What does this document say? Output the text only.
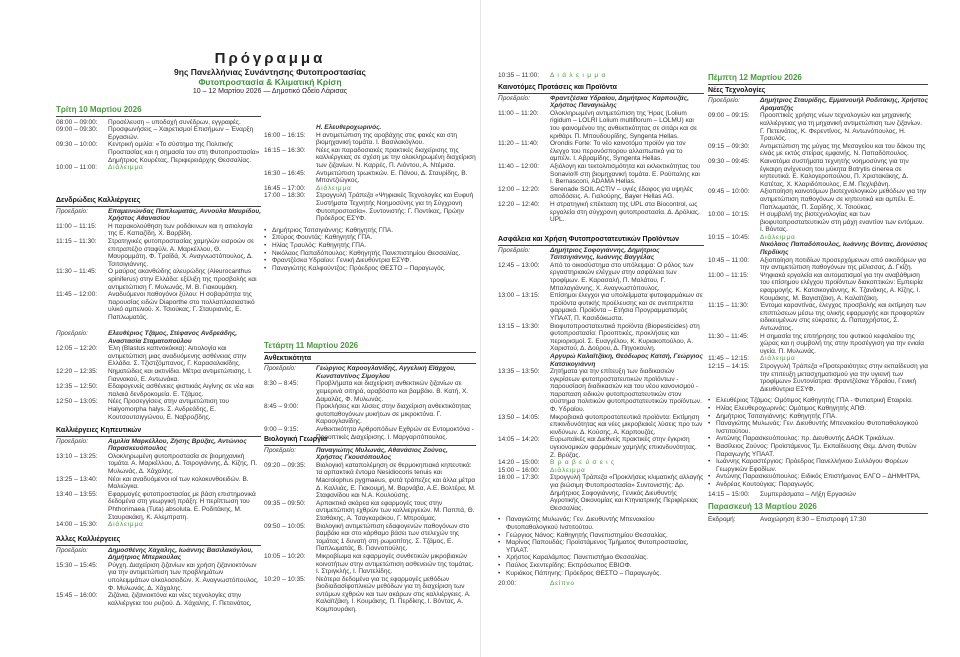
Πρόγραμμα
9ης Πανελλήνιας Συνάντησης Φυτοπροστασίας
Φυτοπροστασία & Κλιματική Κρίση
10 – 12 Μαρτίου 2026 — Δημοτικό Ωδείο Λάρισας
Τρίτη 10 Μαρτίου 2026
08:00 – 09:00:	Προσέλευση – υποδοχή συνέδρων, εγγραφές.
09:00 – 09:30:	Προσφωνήσεις – Χαιρετισμοί Επισήμων – Έναρξη Εργασιών.
09:30 – 10:00:	Κεντρική ομιλία: «Το σύστημα της Πολιτικής Προστασίας και η σημασία του στη Φυτοπροστασία» Δημήτριος Κουρέτας, Περιφερειάρχης Θεσσαλίας.
10:00 – 11:00:	Διάλειμμα
Δενδρώδεις Καλλιέργειες
Προεδρείο:	Επαμεινώνδας Παπλωματάς, Αννούλα Μαυρίδου, Χρήστος Αθανασίου
11:00 – 11:15:	Η παρακολούθηση των ροδάκινων και η αιτιολογία της Ε. Καπαζίδη, Χ. Βαρβίδη.
11:15 – 11:30:	Στρατηγικές φυτοπροστασίας χαμηλών εισροών σε επιτραπέζιο σταφύλι. Α. Μαρκέλλου, Θ. Μαυρομμάτη, Φ. Τραϊδά, Χ. Αναγνωστόπουλος, Δ. Τσιτσιγιάννης.
11:30 – 11:45:	Ο μαύρος ακανθώδης αλευρώδης (Aleurocanthus spiniferus) στην Ελλάδα: εξέλιξη της προσβολής και αντιμετώπιση Γ. Μυλωνάς, Μ. Β. Γιακουμάκη.
11:45 – 12:00:	Αναδυόμενοι παθογόνοι ξύλου: Η σοβαρότητα της παρουσίας ειδών Diaporthe στο πολλαπλασιαστικό υλικό αμπελιού. Χ. Τσιούκας, Γ. Σταυριανός, Ε. Παπλωματάς.
Προεδρείο:	Ελευθέριος Τζάμος, Στέφανος Ανδρεάδης, Αναστασία Σταματοπούλου
12:05 – 12:20:	Έλη (Blastus καπνοκόκκα): Αιτιολογία και αντιμετώπιση μιας αναδυόμενης ασθένειας στην Ελλάδα. Σ. Τζιστζόμπανος, Γ. Καρασαλακίδης.
12:20 – 12:35:	Νηματώδεις και ακτινίδια. Μέτρα αντιμετώπισης. Ι. Γιαννακού, Ε. Αντωνάκα.
12:35 – 12:50:	Εδαφογενείς ασθένειες φιστικιάς Αιγίνης σε νέα και παλαιά δενδροκομεία. Ε. Τζάμος.
12:50 – 13:05:	Νέες Προσεγγίσεις στην αντιμετώπιση του Halyomorpha halys. Σ. Ανδρεάδης, Ε. Κουτσουτσιγγώνου, Ε. Ναβροζίδης.
Καλλιέργειες Κηπευτικών
Προεδρείο:	Αιμιλία Μαρκέλλου, Ζήσης Βρύζας, Αντώνιος Παρασκευόπουλος
13:10 – 13:25:	Ολοκληρωμένη φυτοπροστασία σε βιομηχανική τομάτα. Α. Μαρκέλλου, Δ. Τσιρογιάννης, Δ. Κίζης, Π. Μυλωνάς, Δ. Χάχαλης.
13:25 – 13:40:	Νέοι και αναδυόμενοι ιοί των κολοκυνθοειδών. Β. Μαλιώγκα.
13:40 – 13:55:	Εφαρμογές φυτοπροστασίας με βάση επιστημονικά δεδομένα στη γεωργική πράξη: Η περίπτωση του Phthorimaea (Tuta) absoluta. Ε. Ροδιτάκης, Μ. Σταυρακάκη, Κ. Αλεμπρατη.
14:00 – 15:30:	Διάλειμμα
Άλλες Καλλιέργειες
Προεδρείο:	Δημοσθένης Χάχαλης, Ιωάννης Βασιλακόγλου, Δημήτριος Μπερκούλας
15:30 – 15:45:	Ρύγχη. Διαχείριση ζιζανίων και χρήση ζιζανιοκτόνων για την αντιμετώπιση των προβλημάτων υπολειμμάτων ολκολοσειδών. Χ. Αναγνωστόπουλος, Φ. Μυλωνάς, Δ. Χάχαλης.
15:45 – 16:00:	Ζιζάνια, ζιζανιοκτόνα και νέες τεχνολογίες στην καλλιέργεια του ρυζιού. Δ. Χάχαλης, Γ. Πετεινάτος,
Η. Ελευθεροχωρινός.
16:00 – 16:15:	Η αντιμετώπιση της αροβάχης στις φακές και στη βιομηχανική τομάτα. Ι. Βασιλακόγλου.
16:15 – 16:30:	Νέες και παραδοσιακές πρακτικές διαχείρισης της καλλιέργειας σε σχέση με την ολοκληρωμένη διαχείριση των ζιζανίων. Ν. Καρρές, Π. Λιόντου, Α. Ντέμισα.
16:30 – 16:45:	Αντιμετώπιση τρωκτικών. Ε. Πάνου, Δ. Σταυρίδης, Β. Μποντζιώγκος.
16:45 – 17:00:	Διάλειμμα
17:00 – 18:30:	Στρογγυλή Τράπεζα «Ψηφιακές Τεχνολογίες και Ευφυή Συστήματα Τεχνητής Νοημοσύνης για τη Σύγχρονη Φυτοπροστασία». Συντονιστής: Γ. Ποντίκας, Πρώην Πρόεδρος ΕΣΥΦ.
• Δημήτριος Τσιτσιγιάννης: Καθηγητής ΓΠΑ.
• Σπύρος Φουντάς: Καθηγητής ΓΠΑ.
• Ηλίας Τραυλός: Καθηγητής ΓΠΑ.
• Νικόλαος Παπαδόπουλος: Καθηγητής Πανεπιστημίου Θεσσαλίας.
• Φραντζέσκα Υδραίου: Γενική Διευθύντρια ΕΣΥΦ.
• Παναγιώτης Καλφούντζος: Πρόεδρος ΘΕΣΤΟ – Παραγωγός.
Τετάρτη 11 Μαρτίου 2026
Ανθεκτικότητα
Προεδρείο:	Γεώργιος Καροογλανίδης, Αγγελική Εϊάρχου, Κωνσταντίνος Σίμογλου
8:30 – 8:45:	Προβλήματα και διαχείριση ανθεκτικών ζιζανίων σε χειμερινά σιτηρά, αραβόσιτο και βαμβάκι. Β. Κατή, Χ. Δαμαλάς, Φ. Μυλωνάς.
8:45 – 9:00:	Προκλήσεις και λύσεις στην διαχείριση ανθεκτικότητας φυτοπαθογόνων μυκήτων σε μικροκτόνα. Γ. Καροογλανίδης.
9:00 – 9:15:	Ανθεκτικότητα Αρθροπόδων Εχθρών σε Εντομοκτόνα - Προοπτικές Διαχείρισης. Ι. Μαργαριτόπουλος.
Βιολογική Γεωργία
Προεδρείο:	Παναγιώτης Μυλωνάς, Αθανάσιος Ζούνος, Χρήστος Γκουσόπουλος
09:20 – 09:35:	Βιολογική καταπολέμηση σε θερμοκηπιακά κηπευτικά: τα αρπακτικά έντομα Nesidiocoris tenuis και Macrolophus pygmaeus, φυτά τράπεζες και άλλα μέτρα Δ. Καλλιάς, Ε. Γιακουμή, Μ. Βαρνάβα, Α.Ε. Βολτέρα, Μ. Σταφανίδου και Ν.Α. Κουλούσης.
09:35 – 09:50:	Αρπακτικά ακάρεα και εφαρμογές τους στην αντιμετώπιση εχθρών των καλλιεργειών. Μ. Παππά, Θ. Σταθάκης, Α. Τσαγκαράκου, Γ. Μπρούμας.
09:50 – 10:05:	Βιολογική αντιμετώπιση εδαφογενών παθογόνων στο βαμβάκι και στο κάρθαμο βάσει των στελεχών της τομάτας 1 δυνατή στη ρωμοπίτης. Σ. Τζάμος, Ε. Παπλωματάς, Β. Γιαννοπούλης.
10:05 – 10:20:	Μικροβίωμα και εφαρμογές συνθετικών μικροβιακών κοινοτήτων στην αντιμετώπιση ασθενειών της τομάτας. Ι. Στριγκλής, Ι. Παντελίδης.
10:20 – 10:35:	Νεότερα δεδομένα για τις εφαρμογές μεθόδων βιοδιαδασίφοπλικών μεθόδων για τη διαχείριση των εντόμων εχθρών και των ακάρων στις καλλιέργειες. Α. Καλαϊτζάκη, Ι. Κουμάκης, Π. Περδίκης, Ι. Βόντας, Α. Κοιμπουράκη.
10:35 – 11:00:	Δ ι ά λ ε ι μ μ α
Καινοτόμες Προτάσεις και Προϊόντα
Προεδρείο:	Φραντζέσκα Υδραίου, Δημήτριος Καρπουζάς, Χρήστος Παναγιώλης
11:00 – 11:20:	Ολοκληρωμένη αντιμετώπιση της Ήρας (Lolium rigidum – LOLRI Lolium multiflorum – LOLMU) και του φαινομένου της ανθεκτικότητας σε σιτάρι και σε κριθάρι. Π. Μπουδουρίδης, Syngenta Hellas.
11:20 – 11:40:	Orondis Forte: Το νέο καινοτόμο προϊόν για τον έλεγχο του περονόσπορου αλλαιπωτικά για το αμπέλι. Ι. Αβραμίδης, Syngenta Hellas.
11:40 – 12:00:	Αξιόλογη και τεκτολιτισμότητα και εκλεκτικότητας του Sonavio® στη βιομηχανική τομάτα. Ε. Ρούπαλης και Ι. Bernasconi, ADAMA Hellas.
12:00 – 12:20:	Serenade SOIL ACTIV – υγιές έδαφος για υψηλές αποδόσεις. Α. Γιαλούρης, Bayer Hellas AG.
12:20 – 12:40:	Η στρατηγική επέκταση της UPL στα Biocontrol, ως εργαλεία στη σύγχρονη φυτοπροστασία. Δ. Δρόλιας, UPL.
Ασφάλεια και Χρήση Φυτοπροστατευτικών Προϊόντων
Προεδρείο:	Δημήτριος Σοφογιάννης, Δημήτριος Τσιτσιγιάννης, Ιωάννης Βαγγέλας
12:45 – 13:00:	Από το οικοσύστημα στο υπόλειμμα: Ο ρόλος των εργαστηριακών ελέγχων στην ασφάλεια των τροφίμων. Ε. Καρασαλή, Π. Μαλάτου, Γ. Μπαλαγιάννης, Χ. Αναγνωστόπουλος.
13:00 – 13:15:	Επίσημοι έλεγχοι για υπολείμματα φυτοφαρμάκων σε προϊόντα φυτικής προέλευσης και σε ανεπιτρεπτα φαρμακά. Προϊόντα – Ετήσια Προγραμματισμός ΥΠΑΑΤ, Π. Κασιδόκωστα.
13:15 – 13:30:	Βιοφυτοπροστατευτικά προϊόντα (Biopesticides) στη φυτοπροστασία: Προοπτικές, προκλήσεις και περιορισμοί. Σ. Ευαγγέλου, Κ. Κυριακοπούλου, Α. Χαριστού, Δ. Δούρου, Δ. Πηγοκουλη.
Αργυρώ Καλαϊτζάκη, Θεόδωρος Κατσή, Γεώργιος Κατσικογιάννη
13:35 – 13:50:	Ζητήματα για την επίτευξη των διαδικασιών εγκρίσεων φυτοπροστατευτικών προϊόντων - παρουσίαση διαδικασιών και του νέου κανονισμού - παραπαση ειδικών φυτοπροστατευτικών στον σύστημα πολιτικών φυτοπροστατευτικών προϊόντων. Φ. Υδραίου.
13:50 – 14:05:	Μικροβιακά φυτοπροστατευτικά προϊόντα: Εκτίμηση επικινδυνότητας και νέες μικροβιακές λύσεις προ των κινδύνων. Δ. Κούσης, Α. Καρπουζάς.
14:05 – 14:20:	Ευρωπαϊκές και Διεθνείς πρακτικές στην έγκριση υγειονομικών φαρμάκων χαμηλής επικινδυνότητας. Ζ. Βρύζας.
14:20 – 15:00:	Β ρ α β ε ύ σ ε ι ς
15:00 – 16:00:	Διάλειμμα
16:00 – 17:30:	Στρογγυλή Τράπεζα «Προκλήσεις κλιματικής αλλαγής για βιώσιμη Φυτοπροστασία» Συντονιστής: Δρ. Δημήτριος Σοφογιάννης, Γενικός Διευθυντής Αγροτικής Οικονομίας και Κτηνιατρικής Περιφέρειας Θεσσαλίας.
• Παναγιώτης Μυλωνάς: Γεν. Διευθυντής Μπενακείου Φυτοπαθολογικού Ινστιτούτου.
• Γεώργιος Νάνος: Καθηγητής Πανεπιστημίου Θεσσαλίας.
• Μαρίνος Παπουδάς: Προϊστάμενος Τμήματος Φυτοπροστασίας, ΥΠΑΑΤ.
• Χρήστος Καραλάμπος: Πανεπιστήμιο Θεσσαλίας.
• Παύλος Σκεντερίδης: Εκπρόσωπος ΕΒΙΟΦ.
• Κυριάκος Πάπηνης: Πρόεδρος ΘΕΣΤΟ – Παραγωγός.
20:00:	Δείπνο
Πέμπτη 12 Μαρτίου 2026
Νέες Τεχνολογίες
Προεδρείο:	Δημήτριος Σταυρίδης, Εμμανουήλ Ροδιτάκης, Χρήστος Αραματζής
09:00 – 09:15:	Προοπτικές χρήσης νέων τεχνολογιών και μηχανικής καλλιέργειας για τη μηχανική αντιμετώπιση των ζιζανίων. Γ. Πετεινάτος, Κ. Φερεντίνος, Ν. Αντωνόπουλος, Η. Τραυλός.
09:15 – 09:30:	Αντιμετώπιση της μύγας της Μεσογείου και του δάκου της ελιάς με εκτός στείρας εμφανής. Ν. Παπαδόπουλος.
09:30 – 09:45:	Καινοτόμα συστήματα τεχνητής νοημοσύνης για την έγκαιρη ανίχνευση του μύκητα Botrytis cinerea σε κηπευτικά. Ε. Καλογεροπούλου, Π. Χριστακάκης, Δ. Κατέτας, Χ. Κλαριδόπουλος, Ε.Μ. Πεχλιβάνη.
09:45 – 10:00:	Αξιοποίηση καινοτόμων βιοτεχνολογικών μεθόδων για την αντιμετώπιση παθογόνων σε κηπευτικά και αμπέλι. Ε. Παπλωματάς, Π. Σαρίδης, Χ. Τσιούκας.
10:00 – 10:15:	Η συμβολή της βιοτεχνολογίας και των βιοφυτοπροστατευτικών στη μάχη εναντίον των εντόμων. Ι. Βόντας.
10:15 – 10:45:	Διάλειμμα
Νικόλαος Παπαδόπουλος, Ιωάννης Βόντας, Διονύσιος Περδίκης
10:45 – 11:00:	Αξιοποίηση ποτιδίων προσερχόμενων από οικοδόμων για την αντιμετώπιση παθογόνων της μέλισσας. Δ. Γκίζη.
11:00 – 11:15:	Ψηφιακά εργαλεία και αυτοματισμοί για την αναβάθμιση του επίσημου ελέγχου προϊόντων διακοπτικών: Εμπειρία εφαρμογής. Κ. Κατσικογιάννης, Κ. Τζανάκης, Α. Κίζης, Ι. Κουμάκης, Μ. Βαγιατζάκη, Α. Καλαϊτζάκη.
11:15 – 11:30:	Έντομα καραντίνας, έλεγχος προσβολής και εκτίμηση των επιπτώσεων μέσω της ολικής εφαρμογής και προφορτών ειδικευμένων στις εύκρατες. Δ. Παπαχρήστος, Σ. Αντωνάτος.
11:30 – 11:45:	Η σημασία της επιτήρησης του φυτικού κεφαλαίου της χώρας και η συμβολή της στην προσέγγιση για την ενιαία υγεία. Π. Μυλωνάς.
11:45 – 12:15:	Διάλειμμα
12:15 – 14:15:	Στρογγυλή Τράπεζα «Προτεραιότητες στην εκπαίδευση για την επιτευξη μετασχηματισμού για την υγιεινή των τροφίμων» Συντονίστρια: Φραντζέσκα Υδραίου, Γενική Διευθύντρια ΕΣΥΦ.
• Ελευθέριος Τζάμος: Ομότιμος Καθηγητής ΓΠΑ - Φυτιατρική Εταιρεία.
• Ηλίας Ελευθεροχωρινός: Ομότιμος Καθηγητής ΑΠΘ.
• Δημήτριος Τσιτσιγιάννης: Καθηγητής ΓΠΑ.
• Παναγιώτης Μυλωνάς: Γεν. Διευθυντής Μπενακείου Φυτοπαθολογικού Ινστιτούτου.
• Αντώνης Παρασκευόπουλος: πρ. Διευθυντής ΔΑΟΚ Τρικάλων.
• Βασίλειος Ζούνος: Προϊστάμενος Τμ. Εκπαίδευσης Θεμ. Δ/νση Φυτών Παραγωγής ΥΠΑΑΤ.
• Ιωάννης Καραστέργιος: Πρόεδρος Πανελλήνιου Συλλόγου Φορέων Γεωργικών Εφοδίων.
• Αντώνης Παρασκευόπουλος: Ειδικός Επιστήμονας ΕΛΓΟ – ΔΗΜΗΤΡΑ.
• Ανδρέας Κουτούγιας: Παραγωγός.
14:15 – 15:00:	Συμπεράσματα – Λήξη Εργασιών
Παρασκευή 13 Μαρτίου 2026
Εκδρομή:	Αναχώρηση 8:30 – Επιστροφή 17:30
